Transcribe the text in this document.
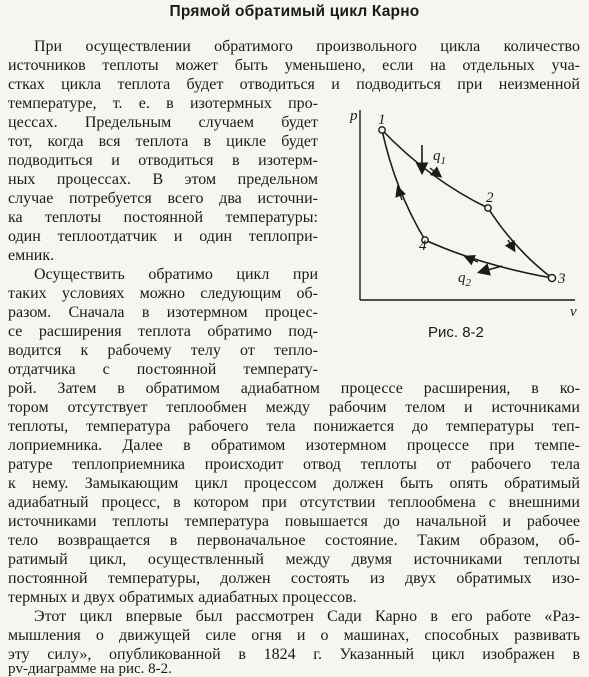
Прямой обратимый цикл Карно
При осуществлении обратимого произвольного цикла количество
источников теплоты может быть уменьшено, если на отдельных уча-
стках цикла теплота будет отводиться и подводиться при неизменной
температуре, т. е. в изотермных про-
цессах. Предельным случаем будет
тот, когда вся теплота в цикле будет
подводиться и отводиться в изотерм-
ных процессах. В этом предельном
случае потребуется всего два источни-
ка теплоты постоянной температуры:
один теплоотдатчик и один теплопри-
емник.
Осуществить обратимо цикл при
таких условиях можно следующим об-
разом. Сначала в изотермном процес-
се расширения теплота обратимо под-
водится к рабочему телу от тепло-
отдатчика с постоянной температу-
рой. Затем в обратимом адиабатном процессе расширения, в ко-
тором отсутствует теплообмен между рабочим телом и источниками
теплоты, температура рабочего тела понижается до температуры теп-
лоприемника. Далее в обратимом изотермном процессе при темпе-
ратуре теплоприемника происходит отвод теплоты от рабочего тела
к нему. Замыкающим цикл процессом должен быть опять обратимый
адиабатный процесс, в котором при отсутствии теплообмена с внешними
источниками теплоты температура повышается до начальной и рабочее
тело возвращается в первоначальное состояние. Таким образом, об-
ратимый цикл, осуществленный между двумя источниками теплоты
постоянной температуры, должен состоять из двух обратимых изо-
термных и двух обратимых адиабатных процессов.
Этот цикл впервые был рассмотрен Сади Карно в его работе «Раз-
мышления о движущей силе огня и о машинах, способных развивать
эту силу», опубликованной в 1824 г. Указанный цикл изображен в
pv-диаграмме на рис. 8-2.
p
v
1
2
3
4
$q_1$
$q_2$
Рис. 8-2
